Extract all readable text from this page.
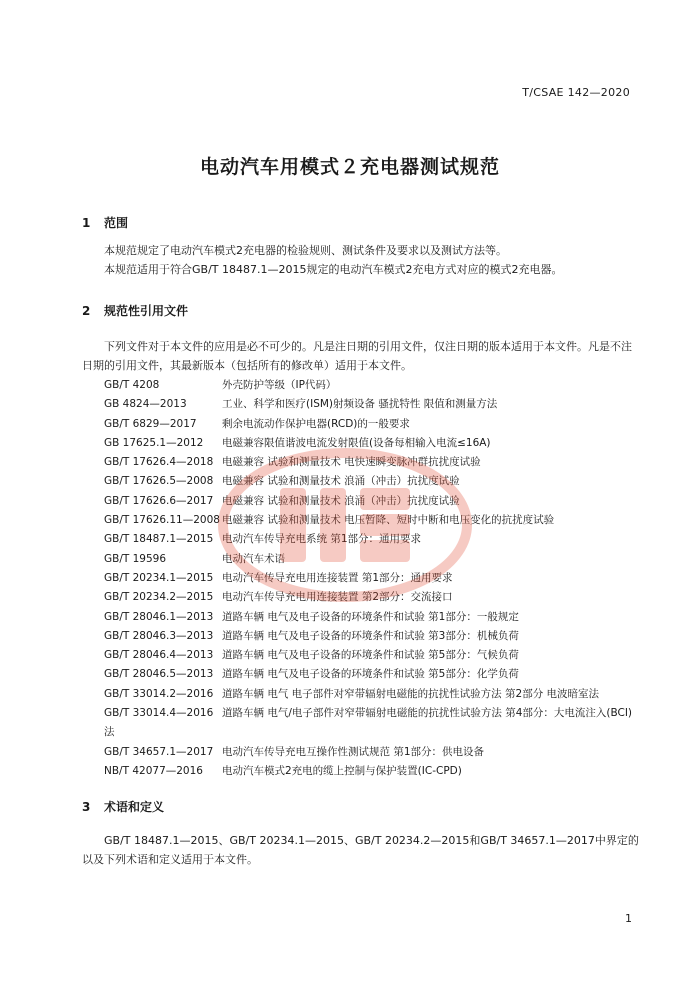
T/CSAE 142—2020
电动汽车用模式２充电器测试规范
1 范围

本规范规定了电动汽车模式2充电器的检验规则、测试条件及要求以及测试方法等。

本规范适用于符合GB/T 18487.1—2015规定的电动汽车模式2充电方式对应的模式2充电器。

2 规范性引用文件

下列文件对于本文件的应用是必不可少的。凡是注日期的引用文件，仅注日期的版本适用于本文件。凡是不注日期的引用文件，其最新版本（包括所有的修改单）适用于本文件。

GB/T 4208	外壳防护等级（IP代码）
GB 4824—2013	工业、科学和医疗(ISM)射频设备 骚扰特性 限值和测量方法
GB/T 6829—2017 剩余电流动作保护电器(RCD)的一般要求
GB 17625.1—2012 电磁兼容限值谐波电流发射限值(设备每相输入电流≤16A)
GB/T 17626.4—2018 电磁兼容 试验和测量技术 电快速瞬变脉冲群抗扰度试验
GB/T 17626.5—2008 电磁兼容 试验和测量技术 浪涌（冲击）抗扰度试验
GB/T 17626.6—2017 电磁兼容 试验和测量技术 浪涌（冲击）抗扰度试验
GB/T 17626.11—2008 电磁兼容 试验和测量技术 电压暂降、短时中断和电压变化的抗扰度试验
GB/T 18487.1—2015 电动汽车传导充电系统 第1部分：通用要求
GB/T 19596	电动汽车术语
GB/T 20234.1—2015 电动汽车传导充电用连接装置 第1部分：通用要求
GB/T 20234.2—2015 电动汽车传导充电用连接装置 第2部分：交流接口
GB/T 28046.1—2013 道路车辆 电气及电子设备的环境条件和试验 第1部分：一般规定
GB/T 28046.3—2013 道路车辆 电气及电子设备的环境条件和试验 第3部分：机械负荷
GB/T 28046.4—2013 道路车辆 电气及电子设备的环境条件和试验 第5部分：气候负荷
GB/T 28046.5—2013 道路车辆 电气及电子设备的环境条件和试验 第5部分：化学负荷
GB/T 33014.2—2016 道路车辆 电气 电子部件对窄带辐射电磁能的抗扰性试验方法 第2部分 电波暗室法
GB/T 33014.4—2016 道路车辆 电气/电子部件对窄带辐射电磁能的抗扰性试验方法 第4部分：大电流注入(BCI)法
GB/T 34657.1—2017 电动汽车传导充电互操作性测试规范 第1部分：供电设备
NB/T 42077—2016 电动汽车模式2充电的缆上控制与保护装置(IC-CPD)
3 术语和定义

GB/T 18487.1—2015、GB/T 20234.1—2015、GB/T 20234.2—2015和GB/T 34657.1—2017中界定的以及下列术语和定义适用于本文件。

1
